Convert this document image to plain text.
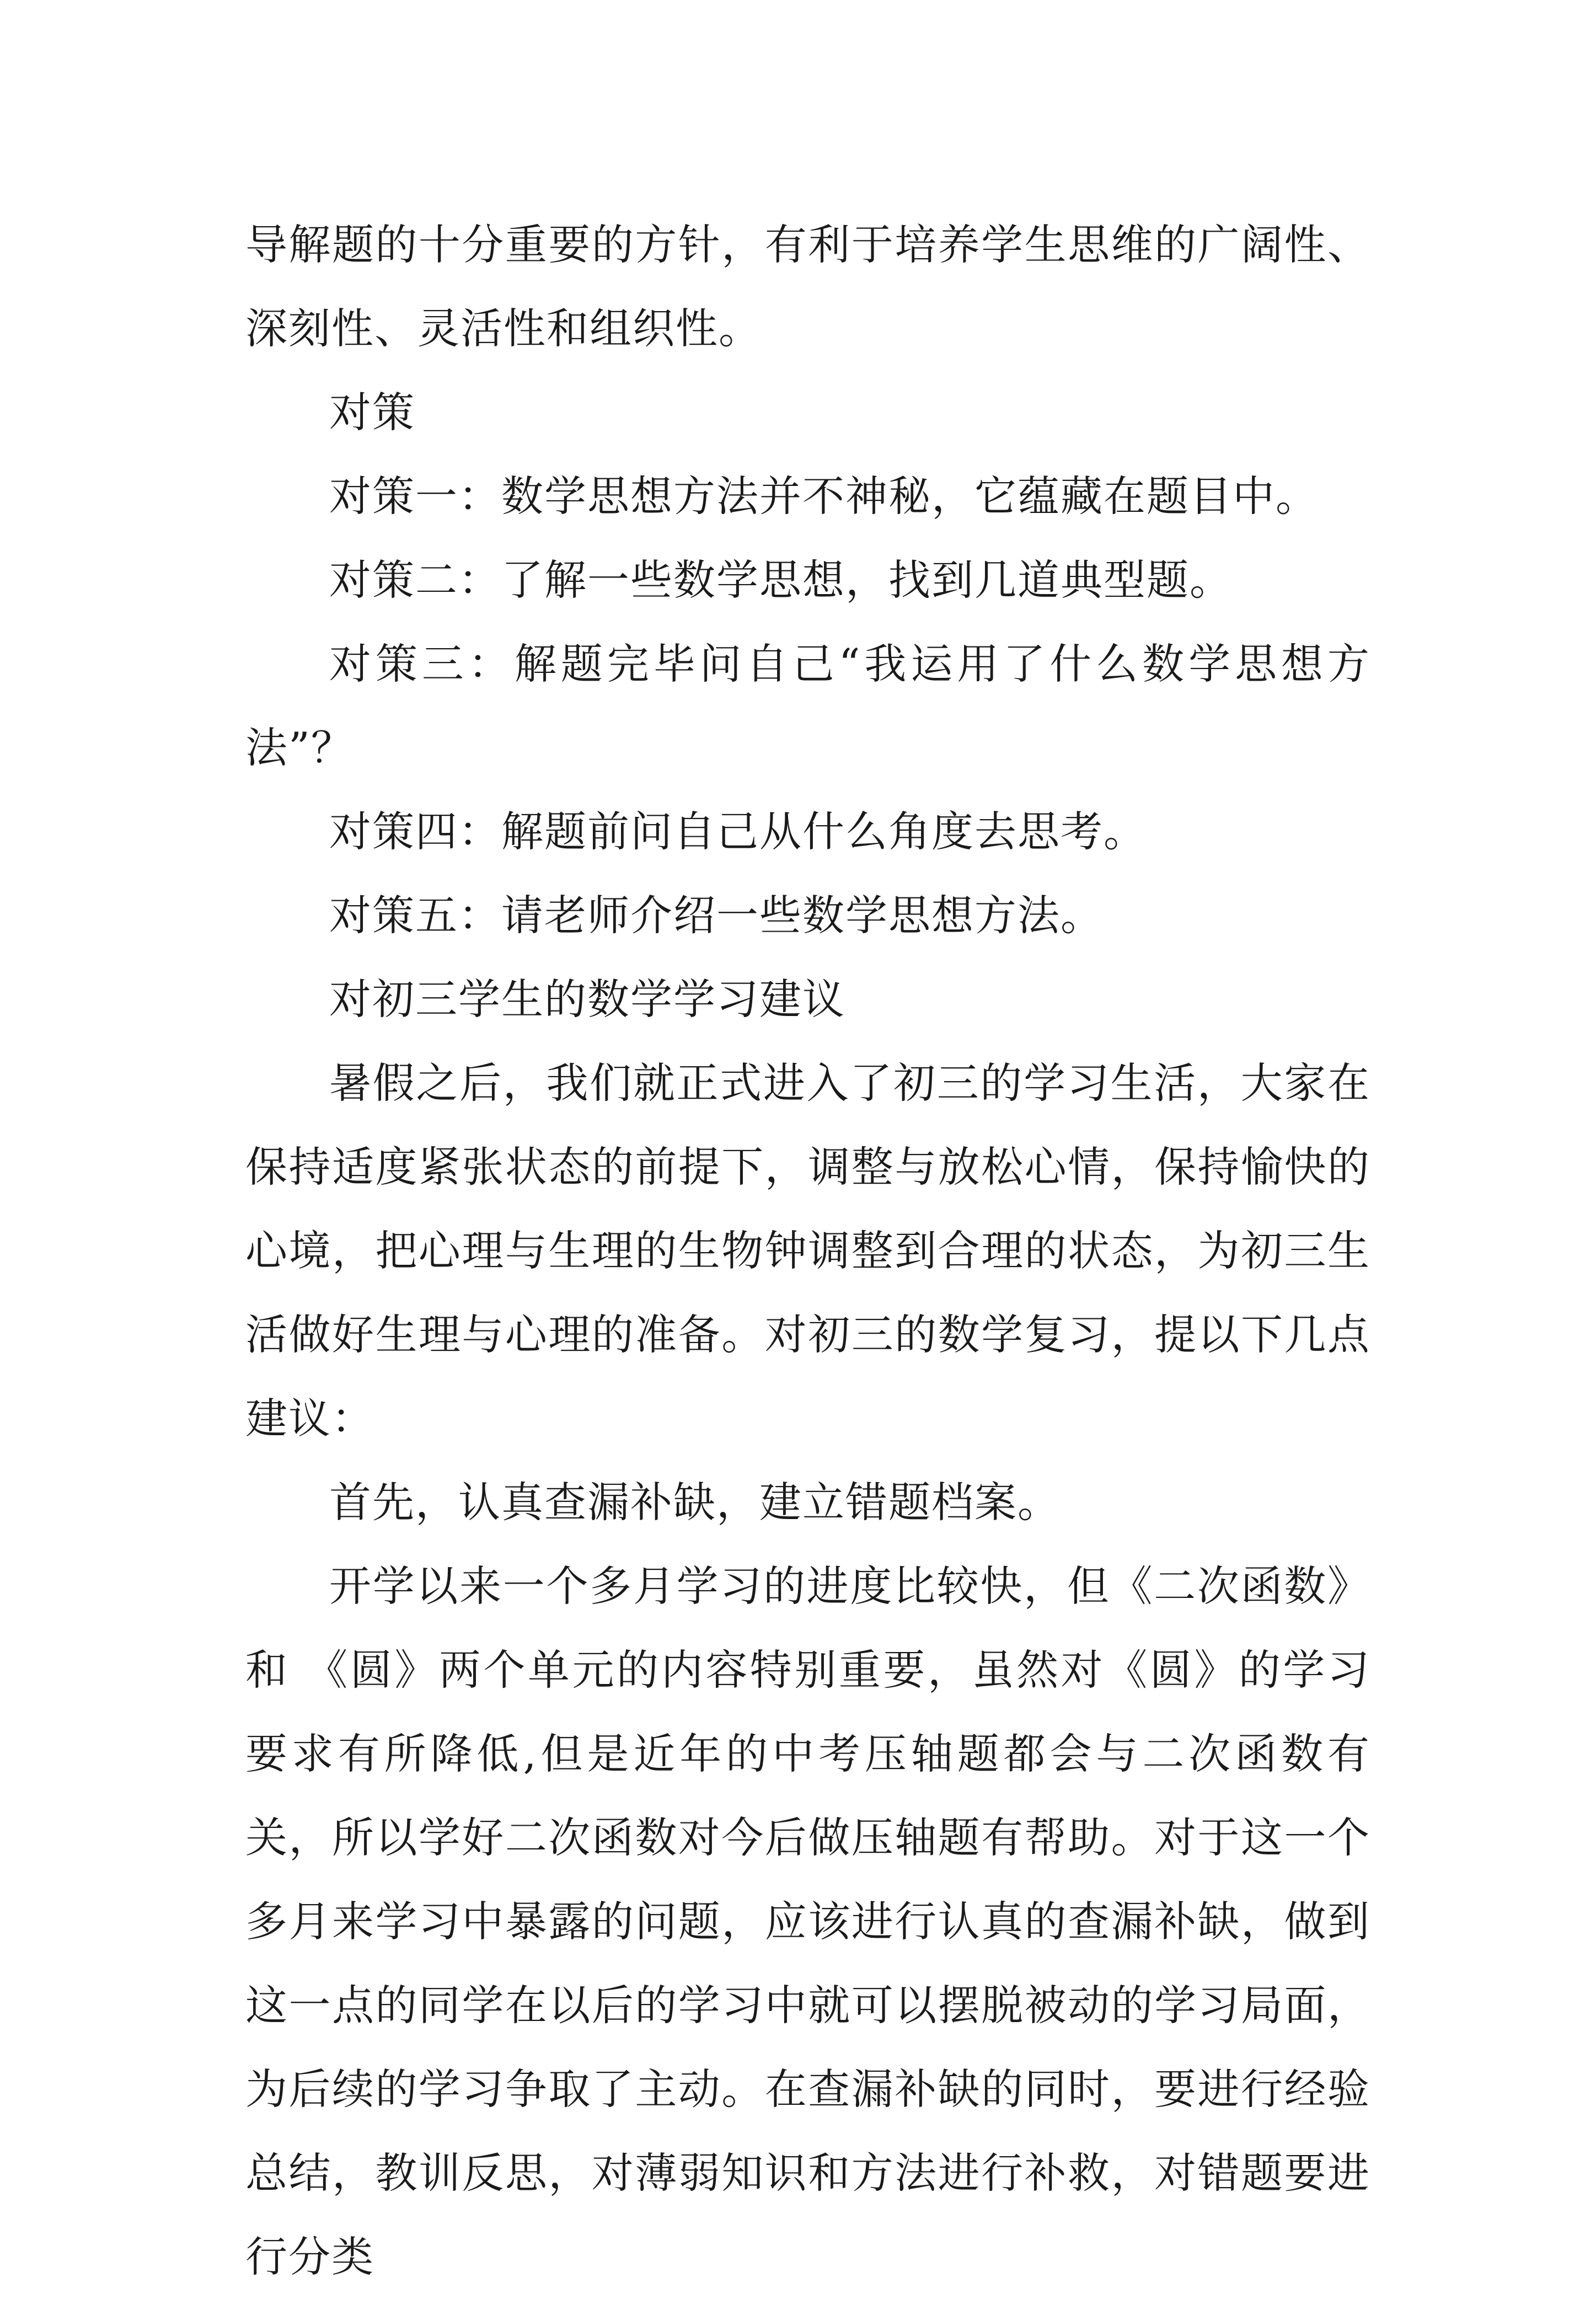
导解题的十分重要的方针，有利于培养学生思维的广阔性、深刻性、灵活性和组织性。

对策

对策一：数学思想方法并不神秘，它蕴藏在题目中。

对策二：了解一些数学思想，找到几道典型题。

对策三：解题完毕问自己“我运用了什么数学思想方法”？

对策四：解题前问自己从什么角度去思考。

对策五：请老师介绍一些数学思想方法。

对初三学生的数学学习建议

暑假之后，我们就正式进入了初三的学习生活，大家在保持适度紧张状态的前提下，调整与放松心情，保持愉快的心境，把心理与生理的生物钟调整到合理的状态，为初三生活做好生理与心理的准备。对初三的数学复习，提以下几点建议：

首先，认真查漏补缺，建立错题档案。

开学以来一个多月学习的进度比较快，但《二次函数》和 《圆》两个单元的内容特别重要，虽然对《圆》的学习要求有所降低,但是近年的中考压轴题都会与二次函数有关，所以学好二次函数对今后做压轴题有帮助。对于这一个多月来学习中暴露的问题，应该进行认真的查漏补缺，做到这一点的同学在以后的学习中就可以摆脱被动的学习局面，为后续的学习争取了主动。在查漏补缺的同时，要进行经验总结，教训反思，对薄弱知识和方法进行补救，对错题要进行分类
